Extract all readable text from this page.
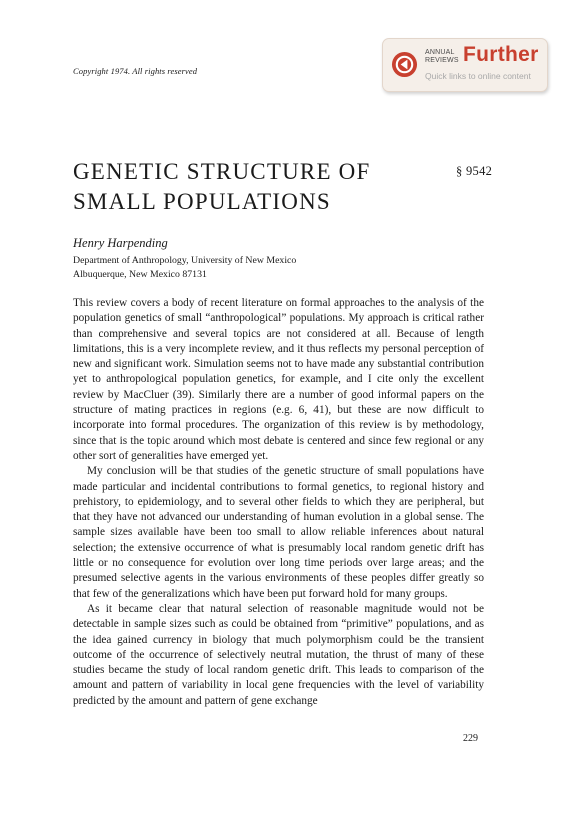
Copyright 1974. All rights reserved
ANNUAL
REVIEWS Further
Quick links to online content
GENETIC STRUCTURE OF
SMALL POPULATIONS
§ 9542
Henry Harpending
Department of Anthropology, University of New Mexico
Albuquerque, New Mexico 87131

This review covers a body of recent literature on formal approaches to the analysis of the population genetics of small “anthropological” populations. My approach is critical rather than comprehensive and several topics are not considered at all. Because of length limitations, this is a very incomplete review, and it thus reflects my personal perception of new and significant work. Simulation seems not to have made any substantial contribution yet to anthropological population genetics, for example, and I cite only the excellent review by MacCluer (39). Similarly there are a number of good informal papers on the structure of mating practices in regions (e.g. 6, 41), but these are now difficult to incorporate into formal procedures. The organization of this review is by methodology, since that is the topic around which most debate is centered and since few regional or any other sort of generalities have emerged yet.

My conclusion will be that studies of the genetic structure of small populations have made particular and incidental contributions to formal genetics, to regional history and prehistory, to epidemiology, and to several other fields to which they are peripheral, but that they have not advanced our understanding of human evolution in a global sense. The sample sizes available have been too small to allow reliable inferences about natural selection; the extensive occurrence of what is presumably local random genetic drift has little or no consequence for evolution over long time periods over large areas; and the presumed selective agents in the various environments of these peoples differ greatly so that few of the generalizations which have been put forward hold for many groups.

As it became clear that natural selection of reasonable magnitude would not be detectable in sample sizes such as could be obtained from “primitive” populations, and as the idea gained currency in biology that much polymorphism could be the transient outcome of the occurrence of selectively neutral mutation, the thrust of many of these studies became the study of local random genetic drift. This leads to comparison of the amount and pattern of variability in local gene frequencies with the level of variability predicted by the amount and pattern of gene exchange

229
